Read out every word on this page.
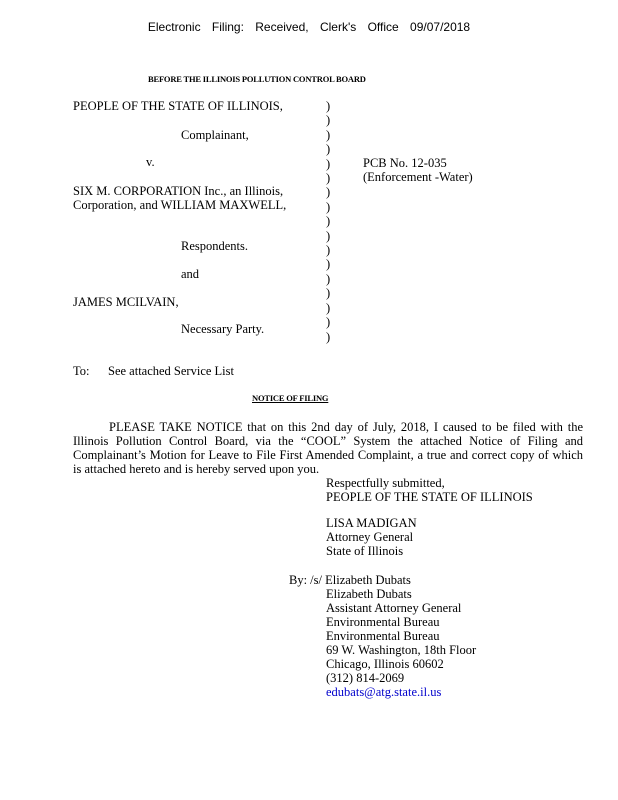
Electronic Filing: Received, Clerk's Office 09/07/2018
BEFORE THE ILLINOIS POLLUTION CONTROL BOARD
PEOPLE OF THE STATE OF ILLINOIS,
Complainant,
v.
SIX M. CORPORATION Inc., an Illinois,
Corporation, and WILLIAM MAXWELL,
Respondents.
and
JAMES MCILVAIN,
Necessary Party.
)
)
)
)
)
)
)
)
)
)
)
)
)
)
)
)
)
PCB No. 12-035
(Enforcement -Water)
To: See attached Service List
NOTICE OF FILING
PLEASE TAKE NOTICE that on this 2nd day of July, 2018, I caused to be filed with the Illinois Pollution Control Board, via the “COOL” System the attached Notice of Filing and Complainant’s Motion for Leave to File First Amended Complaint, a true and correct copy of which is attached hereto and is hereby served upon you.
Respectfully submitted,
PEOPLE OF THE STATE OF ILLINOIS
LISA MADIGAN
Attorney General
State of Illinois
By: /s/ Elizabeth Dubats
Elizabeth Dubats
Assistant Attorney General
Environmental Bureau
Environmental Bureau
69 W. Washington, 18th Floor
Chicago, Illinois 60602
(312) 814-2069
edubats@atg.state.il.us
